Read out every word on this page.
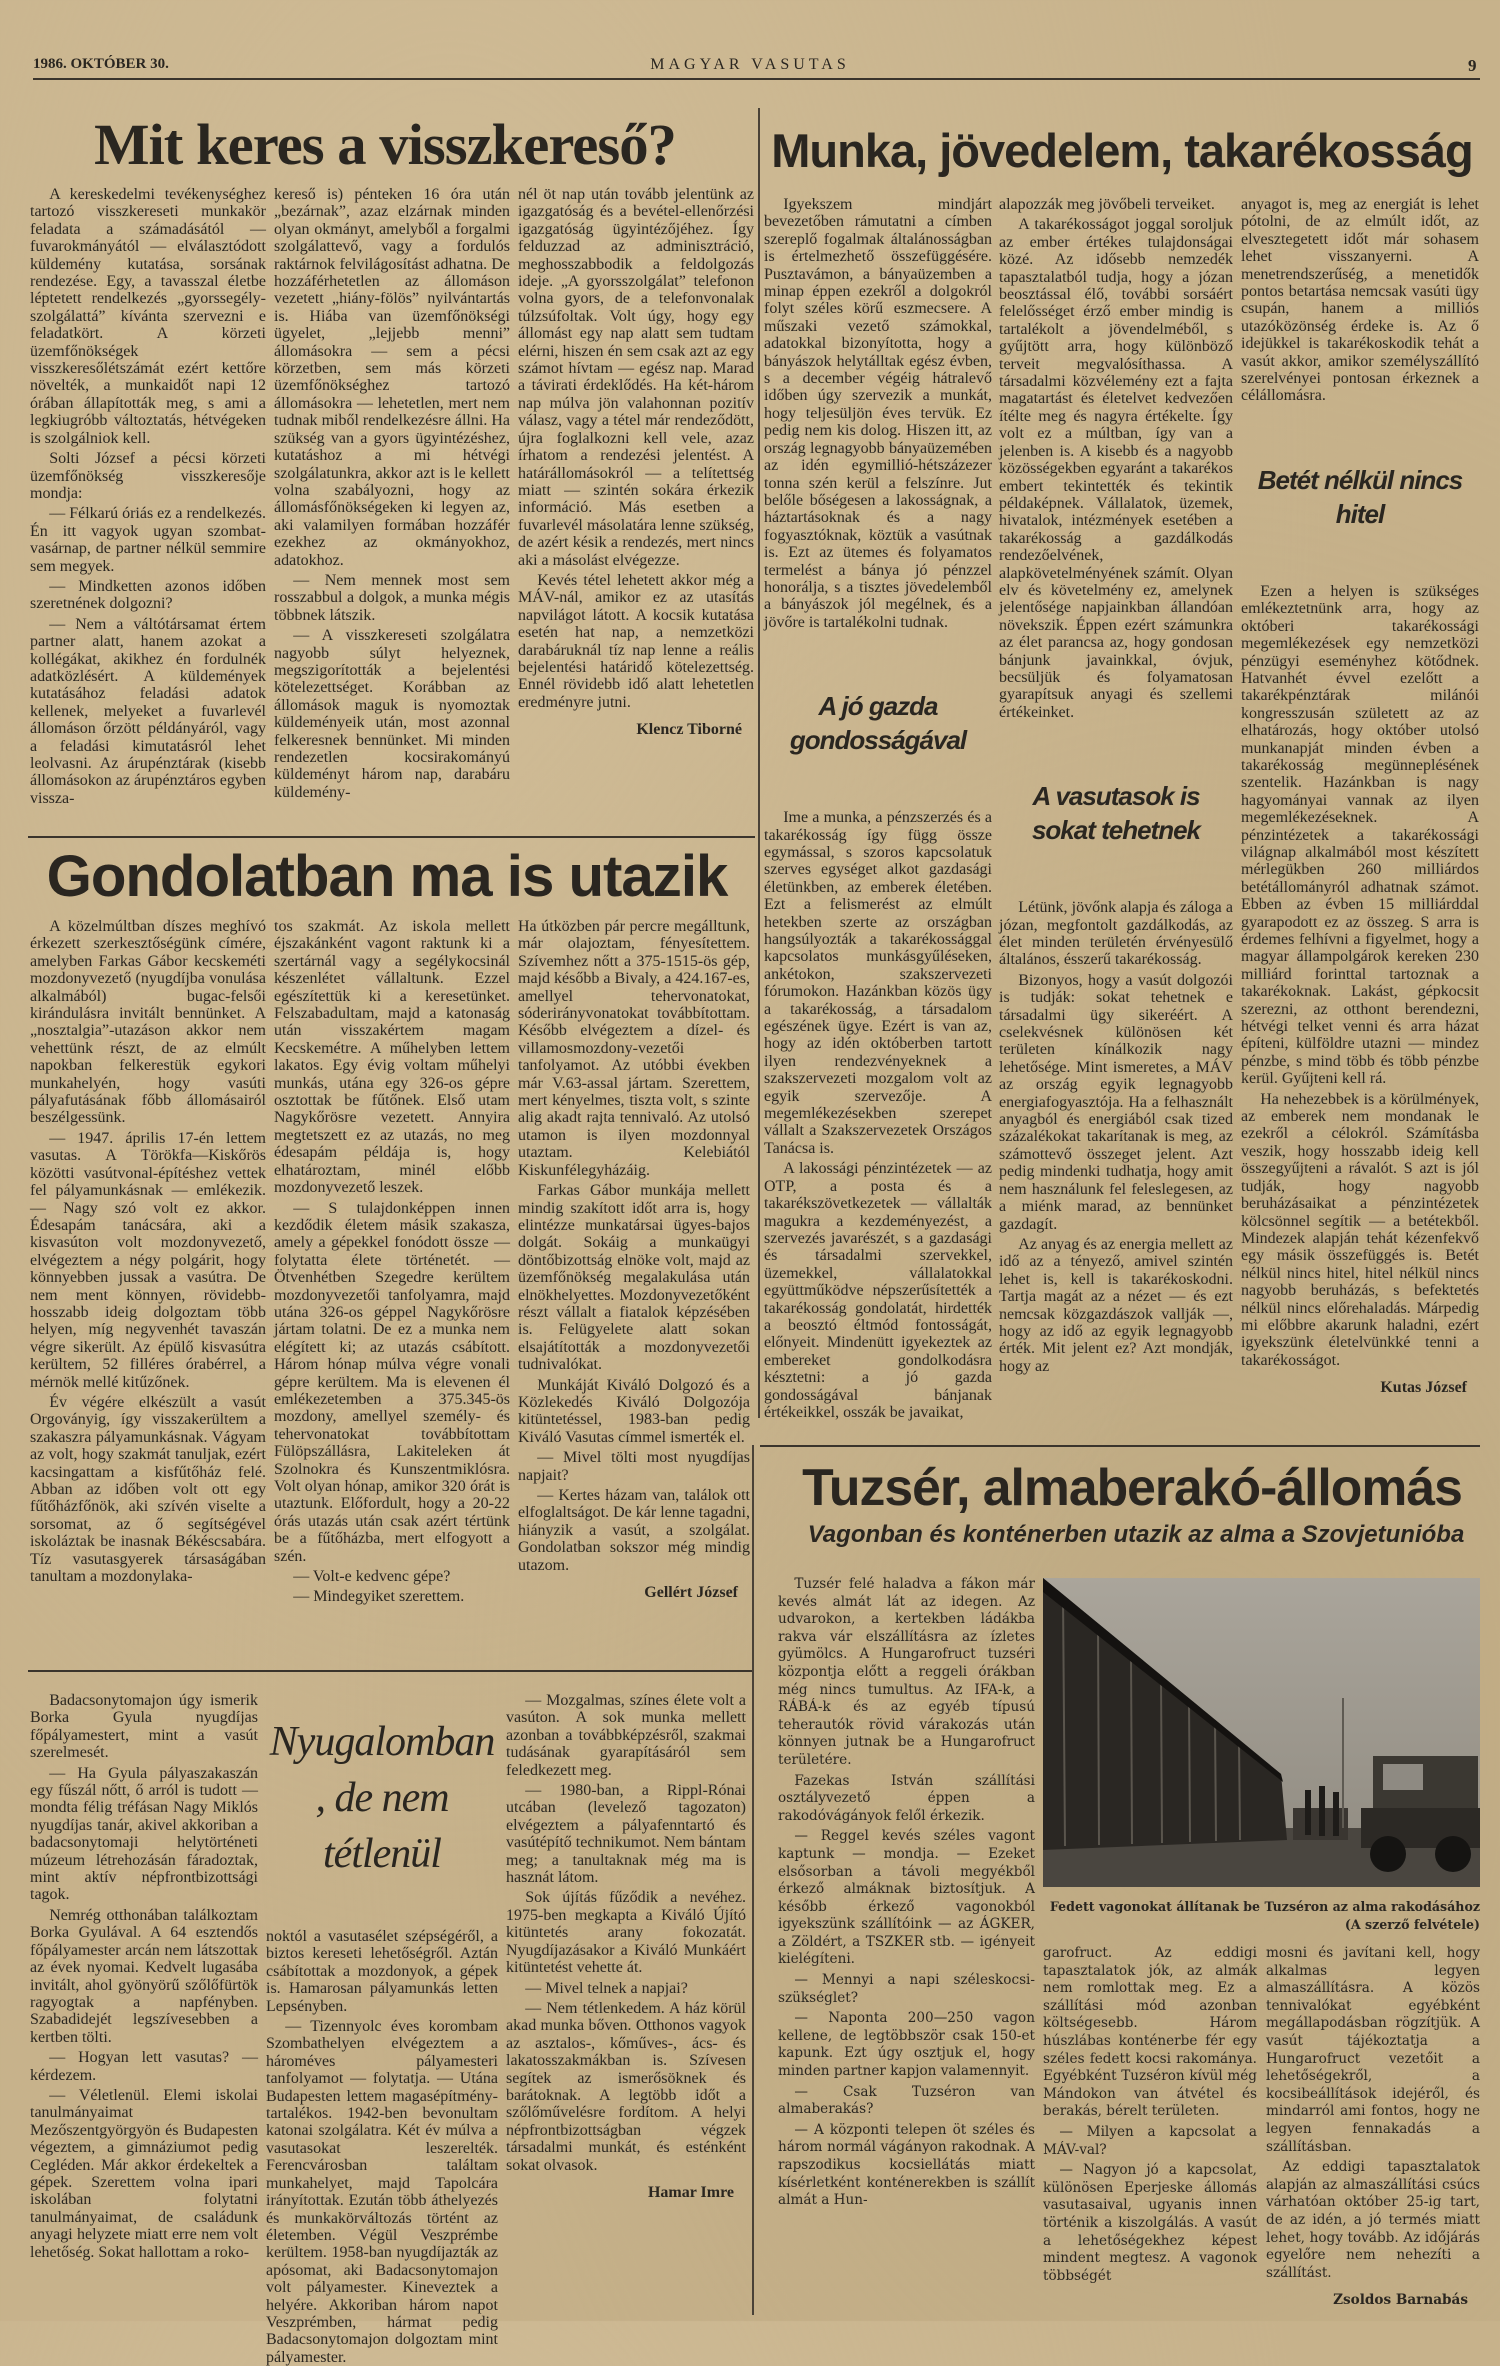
1986. OKTÓBER 30.	MAGYAR VASUTAS	9
Mit keres a visszkereső?

A kereskedelmi tevékenységhez tartozó visszkereseti munkakör feladata a számadásától — fuvarokmányától — elválasztódott küldemény kutatása, sorsának rendezése. Egy, a tavasszal életbe léptetett rendelkezés „gyorssegély-szolgálattá” kívánta szervezni e feladatkört. A körzeti üzemfőnökségek visszkeresőlétszámát ezért kettőre növelték, a munkaidőt napi 12 órában állapították meg, s ami a legkiugróbb változtatás, hétvégeken is szolgálniok kell.

Solti József a pécsi körzeti üzemfőnökség visszkeresője mondja:

— Félkarú óriás ez a rendelkezés. Én itt vagyok ugyan szombat-vasárnap, de partner nélkül semmire sem megyek.

— Mindketten azonos időben szeretnének dolgozni?

— Nem a váltótársamat értem partner alatt, hanem azokat a kollégákat, akikhez én fordulnék adatközlésért. A küldemények kutatásához feladási adatok kellenek, melyeket a fuvarlevél állomáson őrzött példányáról, vagy a feladási kimutatásról lehet leolvasni. Az árupénztárak (kisebb állomásokon az árupénztáros egyben vissza-

kereső is) pénteken 16 óra után „bezárnak”, azaz elzárnak minden olyan okmányt, amelyből a forgalmi szolgálattevő, vagy a fordulós raktárnok felvilágosítást adhatna. De hozzáférhetetlen az állomáson vezetett „hiány-fölös” nyilvántartás is. Hiába van üzemfőnökségi ügyelet, „lejjebb menni” állomásokra — sem a pécsi körzetben, sem más körzeti üzemfőnökséghez tartozó állomásokra — lehetetlen, mert nem tudnak miből rendelkezésre állni. Ha szükség van a gyors ügyintézéshez, kutatáshoz a mi hétvégi szolgálatunkra, akkor azt is le kellett volna szabályozni, hogy az állomásfőnökségeken ki legyen az, aki valamilyen formában hozzáfér ezekhez az okmányokhoz, adatokhoz.

— Nem mennek most sem rosszabbul a dolgok, a munka mégis többnek látszik.

— A visszkereseti szolgálatra nagyobb súlyt helyeznek, megszigorították a bejelentési kötelezettséget. Korábban az állomások maguk is nyomoztak küldeményeik után, most azonnal felkeresnek bennünket. Mi minden rendezetlen kocsirakományú küldeményt három nap, darabáru küldemény-

nél öt nap után tovább jelentünk az igazgatóság és a bevétel-ellenőrzési igazgatóság ügyintézőjéhez. Így felduzzad az adminisztráció, meghosszabbodik a feldolgozás ideje. „A gyorsszolgálat” telefonon volna gyors, de a telefonvonalak túlzsúfoltak. Volt úgy, hogy egy állomást egy nap alatt sem tudtam elérni, hiszen én sem csak azt az egy számot hívtam — egész nap. Marad a távirati érdeklődés. Ha két-három nap múlva jön valahonnan pozitív válasz, vagy a tétel már rendeződött, újra foglalkozni kell vele, azaz írhatom a rendezési jelentést. A határállomásokról — a telítettség miatt — szintén sokára érkezik információ. Más esetben a fuvarlevél másolatára lenne szükség, de azért késik a rendezés, mert nincs aki a másolást elvégezze.

Kevés tétel lehetett akkor még a MÁV-nál, amikor ez az utasítás napvilágot látott. A kocsik kutatása esetén hat nap, a nemzetközi darabáruknál tíz nap lenne a reális bejelentési határidő kötelezettség. Ennél rövidebb idő alatt lehetetlen eredményre jutni.

Klencz Tiborné
Munka, jövedelem, takarékosság

Igyekszem mindjárt bevezetőben rámutatni a címben szereplő fogalmak általánosságban is értelmezhető összefüggésére. Pusztavámon, a bányaüzemben a minap éppen ezekről a dolgokról folyt széles körű eszmecsere. A műszaki vezető számokkal, adatokkal bizonyította, hogy a bányászok helytálltak egész évben, s a december végéig hátralevő időben úgy szervezik a munkát, hogy teljesüljön éves tervük. Ez pedig nem kis dolog. Hiszen itt, az ország legnagyobb bányaüzemében az idén egymillió-hétszázezer tonna szén kerül a felszínre. Jut belőle bőségesen a lakosságnak, a háztartásoknak és a nagy fogyasztóknak, köztük a vasútnak is. Ezt az ütemes és folyamatos termelést a bánya jó pénzzel honorálja, s a tisztes jövedelemből a bányászok jól megélnek, és a jövőre is tartalékolni tudnak.

A jó gazda gondosságával

Ime a munka, a pénzszerzés és a takarékosság így függ össze egymással, s szoros kapcsolatuk szerves egységet alkot gazdasági életünkben, az emberek életében. Ezt a felismerést az elmúlt hetekben szerte az országban hangsúlyozták a takarékossággal kapcsolatos munkásgyűléseken, ankétokon, szakszervezeti fórumokon. Hazánkban közös ügy a takarékosság, a társadalom egészének ügye. Ezért is van az, hogy az idén októberben tartott ilyen rendezvényeknek a szakszervezeti mozgalom volt az egyik szervezője. A megemlékezésekben szerepet vállalt a Szakszervezetek Országos Tanácsa is.

A lakossági pénzintézetek — az OTP, a posta és a takarékszövetkezetek — vállalták magukra a kezdeményezést, a szervezés javarészét, s a gazdasági és társadalmi szervekkel, üzemekkel, vállalatokkal együttműködve népszerűsítették a takarékosság gondolatát, hirdették a beosztó éltmód fontosságát, előnyeit. Mindenütt igyekeztek az embereket gondolkodásra késztetni: a jó gazda gondosságával bánjanak értékeikkel, osszák be javaikat,

alapozzák meg jövőbeli terveiket.

A takarékosságot joggal soroljuk az ember értékes tulajdonságai közé. Az idősebb nemzedék tapasztalatból tudja, hogy a józan beosztással élő, további sorsáért felelősséget érző ember mindig is tartalékolt a jövendelméből, s gyűjtött arra, hogy különböző terveit megvalósíthassa. A társadalmi közvélemény ezt a fajta magatartást és életelvet kedvezően ítélte meg és nagyra értékelte. Így volt ez a múltban, így van a jelenben is. A kisebb és a nagyobb közösségekben egyaránt a takarékos embert tekintették és tekintik példaképnek. Vállalatok, üzemek, hivatalok, intézmények esetében a takarékosság a gazdálkodás rendezőelvének, alapkövetelményének számít. Olyan elv és követelmény ez, amelynek jelentősége napjainkban állandóan növekszik. Éppen ezért számunkra az élet parancsa az, hogy gondosan bánjunk javainkkal, óvjuk, becsüljük és folyamatosan gyarapítsuk anyagi és szellemi értékeinket.

A vasutasok is sokat tehetnek

Létünk, jövőnk alapja és záloga a józan, megfontolt gazdálkodás, az élet minden területén érvényesülő általános, ésszerű takarékosság.

Bizonyos, hogy a vasút dolgozói is tudják: sokat tehetnek e társadalmi ügy sikeréért. A cselekvésnek különösen két területen kínálkozik nagy lehetősége. Mint ismeretes, a MÁV az ország egyik legnagyobb energiafogyasztója. Ha a felhasznált anyagból és energiából csak tized százalékokat takarítanak is meg, az számottevő összeget jelent. Azt pedig mindenki tudhatja, hogy amit nem használunk fel feleslegesen, az a miénk marad, az bennünket gazdagít.

Az anyag és az energia mellett az idő az a tényező, amivel szintén lehet is, kell is takarékoskodni. Tartja magát az a nézet — és ezt nemcsak közgazdászok vallják —, hogy az idő az egyik legnagyobb érték. Mit jelent ez? Azt mondják, hogy az

anyagot is, meg az energiát is lehet pótolni, de az elmúlt időt, az elvesztegetett időt már sohasem lehet visszanyerni. A menetrendszerűség, a menetidők pontos betartása nemcsak vasúti ügy csupán, hanem a milliós utazóközönség érdeke is. Az ő idejükkel is takarékoskodik tehát a vasút akkor, amikor személyszállító szerelvényei pontosan érkeznek a célállomásra.

Betét nélkül nincs hitel

Ezen a helyen is szükséges emlékeztetnünk arra, hogy az októberi takarékossági megemlékezések egy nemzetközi pénzügyi eseményhez kötődnek. Hatvanhét évvel ezelőtt a takarékpénztárak milánói kongresszusán született az az elhatározás, hogy október utolsó munkanapját minden évben a takarékosság megünneplésének szentelik. Hazánkban is nagy hagyományai vannak az ilyen megemlékezéseknek. A pénzintézetek a takarékossági világnap alkalmából most készített mérlegükben 260 milliárdos betétállományról adhatnak számot. Ebben az évben 15 milliárddal gyarapodott ez az összeg. S arra is érdemes felhívni a figyelmet, hogy a magyar állampolgárok kereken 230 milliárd forinttal tartoznak a takarékoknak. Lakást, gépkocsit szerezni, az otthont berendezni, hétvégi telket venni és arra házat építeni, külföldre utazni — mindez pénzbe, s mind több és több pénzbe kerül. Gyűjteni kell rá.

Ha nehezebbek is a körülmények, az emberek nem mondanak le ezekről a célokról. Számításba veszik, hogy hosszabb ideig kell összegyűjteni a rávalót. S azt is jól tudják, hogy nagyobb beruházásaikat a pénzintézetek kölcsönnel segítik — a betétekből. Mindezek alapján tehát kézenfekvő egy másik összefüggés is. Betét nélkül nincs hitel, hitel nélkül nincs nagyobb beruházás, s befektetés nélkül nincs előrehaladás. Márpedig mi előbbre akarunk haladni, ezért igyekszünk életelvünkké tenni a takarékosságot.

Kutas József
Gondolatban ma is utazik

A közelmúltban díszes meghívó érkezett szerkesztőségünk címére, amelyben Farkas Gábor kecskeméti mozdonyvezető (nyugdíjba vonulása alkalmából) bugac-felsői kirándulásra invitált bennünket. A „nosztalgia”-utazáson akkor nem vehettünk részt, de az elmúlt napokban felkerestük egykori munkahelyén, hogy vasúti pályafutásának főbb állomásairól beszélgessünk.

— 1947. április 17-én lettem vasutas. A Törökfa—Kiskőrös közötti vasútvonal-építéshez vettek fel pályamunkásnak — emlékezik. — Nagy szó volt ez akkor. Édesapám tanácsára, aki a kisvasúton volt mozdonyvezető, elvégeztem a négy polgárit, hogy könnyebben jussak a vasútra. De nem ment könnyen, rövidebb-hosszabb ideig dolgoztam több helyen, míg negyvenhét tavaszán végre sikerült. Az épülő kisvasútra kerültem, 52 filléres órabérrel, a mérnök mellé kitűzőnek.

Év végére elkészült a vasút Orgoványig, így visszakerültem a szakaszra pályamunkásnak. Vágyam az volt, hogy szakmát tanuljak, ezért kacsingattam a kisfűtőház felé. Abban az időben volt ott egy fűtőházfőnök, aki szívén viselte a sorsomat, az ő segítségével iskoláztak be inasnak Békéscsabára. Tíz vasutasgyerek társaságában tanultam a mozdonylaka-

tos szakmát. Az iskola mellett éjszakánként vagont raktunk ki a szertárnál vagy a segélykocsinál készenlétet vállaltunk. Ezzel egészítettük ki a keresetünket. Felszabadultam, majd a katonaság után visszakértem magam Kecskemétre. A műhelyben lettem lakatos. Egy évig voltam műhelyi munkás, utána egy 326-os gépre osztottak be fűtőnek. Első utam Nagykőrösre vezetett. Annyira megtetszett ez az utazás, no meg édesapám példája is, hogy elhatároztam, minél előbb mozdonyvezető leszek.

— S tulajdonképpen innen kezdődik életem másik szakasza, amely a gépekkel fonódott össze — folytatta élete történetét. — Ötvenhétben Szegedre kerültem mozdonyvezetői tanfolyamra, majd utána 326-os géppel Nagykőrösre jártam tolatni. De ez a munka nem elégített ki; az utazás csábított. Három hónap múlva végre vonali gépre kerültem. Ma is elevenen él emlékezetemben a 375.345-ös mozdony, amellyel személy- és tehervonatokat továbbítottam Fülöpszállásra, Lakiteleken át Szolnokra és Kunszentmiklósra. Volt olyan hónap, amikor 320 órát is utaztunk. Előfordult, hogy a 20-22 órás utazás után csak azért tértünk be a fűtőházba, mert elfogyott a szén.

— Volt-e kedvenc gépe?

— Mindegyiket szerettem.

Ha útközben pár percre megálltunk, már olajoztam, fényesítettem. Szívemhez nőtt a 375-1515-ös gép, majd később a Bivaly, a 424.167-es, amellyel tehervonatokat, sóderirányvonatokat továbbítottam. Később elvégeztem a dízel- és villamosmozdony-vezetői tanfolyamot. Az utóbbi években már V.63-assal jártam. Szerettem, mert kényelmes, tiszta volt, s szinte alig akadt rajta tennivaló. Az utolsó utamon is ilyen mozdonnyal utaztam. Kelebiától Kiskunfélegyházáig.

Farkas Gábor munkája mellett mindig szakított időt arra is, hogy elintézze munkatársai ügyes-bajos dolgát. Sokáig a munkaügyi döntőbizottság elnöke volt, majd az üzemfőnökség megalakulása után elnökhelyettes. Mozdonyvezetőként részt vállalt a fiatalok képzésében is. Felügyelete alatt sokan elsajátították a mozdonyvezetői tudnivalókat.

Munkáját Kiváló Dolgozó és a Közlekedés Kiváló Dolgozója kitüntetéssel, 1983-ban pedig Kiváló Vasutas címmel ismerték el.

— Mivel tölti most nyugdíjas napjait?

— Kertes házam van, találok ott elfoglaltságot. De kár lenne tagadni, hiányzik a vasút, a szolgálat. Gondolatban sokszor még mindig utazom.

Gellért József

Badacsonytomajon úgy ismerik Borka Gyula nyugdíjas főpályamestert, mint a vasút szerelmesét.

— Ha Gyula pályaszakaszán egy fűszál nőtt, ő arról is tudott — mondta félig tréfásan Nagy Miklós nyugdíjas tanár, akivel akkoriban a badacsonytomaji helytörténeti múzeum létrehozásán fáradoztak, mint aktív népfrontbizottsági tagok.

Nemrég otthonában találkoztam Borka Gyulával. A 64 esztendős főpályamester arcán nem látszottak az évek nyomai. Kedvelt lugasába invitált, ahol gyönyörű szőlőfürtök ragyogtak a napfényben. Szabadidejét legszívesebben a kertben tölti.

— Hogyan lett vasutas? — kérdezem.

— Véletlenül. Elemi iskolai tanulmányaimat Mezőszentgyörgyön és Budapesten végeztem, a gimnáziumot pedig Cegléden. Már akkor érdekeltek a gépek. Szerettem volna ipari iskolában folytatni tanulmányaimat, de családunk anyagi helyzete miatt erre nem volt lehetőség. Sokat hallottam a roko-

Nyugalomban, de nem tétlenül

noktól a vasutasélet szépségéről, a biztos kereseti lehetőségről. Aztán csábítottak a mozdonyok, a gépek is. Hamarosan pályamunkás letten Lepsényben.

— Tizennyolc éves korombam Szombathelyen elvégeztem a hároméves pályamesteri tanfolyamot — folytatja. — Utána Budapesten lettem magasépítmény-tartalékos. 1942-ben bevonultam katonai szolgálatra. Két év múlva a vasutasokat leszerelték. Ferencvárosban találtam munkahelyet, majd Tapolcára irányítottak. Ezután több áthelyezés és munkakörváltozás történt az életemben. Végül Veszprémbe kerültem. 1958-ban nyugdíjazták az apósomat, aki Badacsonytomajon volt pályamester. Kineveztek a helyére. Akkoriban három napot Veszprémben, hármat pedig Badacsonytomajon dolgoztam mint pályamester.

— Mozgalmas, színes élete volt a vasúton. A sok munka mellett azonban a továbbképzésről, szakmai tudásának gyarapításáról sem feledkezett meg.

— 1980-ban, a Rippl-Rónai utcában (levelező tagozaton) elvégeztem a pályafenntartó és vasútépítő technikumot. Nem bántam meg; a tanultaknak még ma is hasznát látom.

Sok újítás fűződik a nevéhez. 1975-ben megkapta a Kiváló Újító kitüntetés arany fokozatát. Nyugdíjazásakor a Kiváló Munkáért kitüntetést vehette át.

— Mivel telnek a napjai?

— Nem tétlenkedem. A ház körül akad munka bőven. Otthonos vagyok az asztalos-, kőműves-, ács- és lakatosszakmákban is. Szívesen segítek az ismerősöknek és barátoknak. A legtöbb időt a szőlőművelésre fordítom. A helyi népfrontbizottságban végzek társadalmi munkát, és esténként sokat olvasok.

Hamar Imre
Tuzsér, almaberakó-állomás
Vagonban és konténerben utazik az alma a Szovjetunióba

Tuzsér felé haladva a fákon már kevés almát lát az idegen. Az udvarokon, a kertekben ládákba rakva vár elszállításra az ízletes gyümölcs. A Hungarofruct tuzséri központja előtt a reggeli órákban még nincs tumultus. Az IFA-k, a RÁBÁ-k és az egyéb típusú teherautók rövid várakozás után könnyen jutnak be a Hungarofruct területére.

Fazekas István szállítási osztályvezető éppen a rakodóvágányok felől érkezik.

— Reggel kevés széles vagont kaptunk — mondja. — Ezeket elsősorban a távoli megyékből érkező almáknak biztosítjuk. A később érkező vagonokból igyekszünk szállítóink — az ÁGKER, a Zöldért, a TSZKER stb. — igényeit kielégíteni.

— Mennyi a napi széleskocsi-szükséglet?

— Naponta 200—250 vagon kellene, de legtöbbször csak 150-et kapunk. Ezt úgy osztjuk el, hogy minden partner kapjon valamennyit.

— Csak Tuzséron van almaberakás?

— A központi telepen öt széles és három normál vágányon rakodnak. A rapszodikus kocsiellátás miatt kísérletként konténerekben is szállít almát a Hun-

Fedett vagonokat állítanak be Tuzséron az alma rakodásához
(A szerző felvétele)

garofruct. Az eddigi tapasztalatok jók, az almák nem romlottak meg. Ez a szállítási mód azonban költségesebb. Három húszlábas konténerbe fér egy széles fedett kocsi rakománya. Egyébként Tuzséron kívül még Mándokon van átvétel és berakás, bérelt területen.

— Milyen a kapcsolat a MÁV-val?

— Nagyon jó a kapcsolat, különösen Eperjeske állomás vasutasaival, ugyanis innen történik a kiszolgálás. A vasút a lehetőségekhez képest mindent megtesz. A vagonok többségét

mosni és javítani kell, hogy alkalmas legyen almaszállításra. A közös tennivalókat egyébként megállapodásban rögzítjük. A vasút tájékoztatja a Hungarofruct vezetőit a lehetőségekről, a kocsibeállítások idejéről, és mindarról ami fontos, hogy ne legyen fennakadás a szállításban.

Az eddigi tapasztalatok alapján az almaszállítási csúcs várhatóan október 25-ig tart, de az idén, a jó termés miatt lehet, hogy tovább. Az időjárás egyelőre nem nehezíti a szállítást.

Zsoldos Barnabás
